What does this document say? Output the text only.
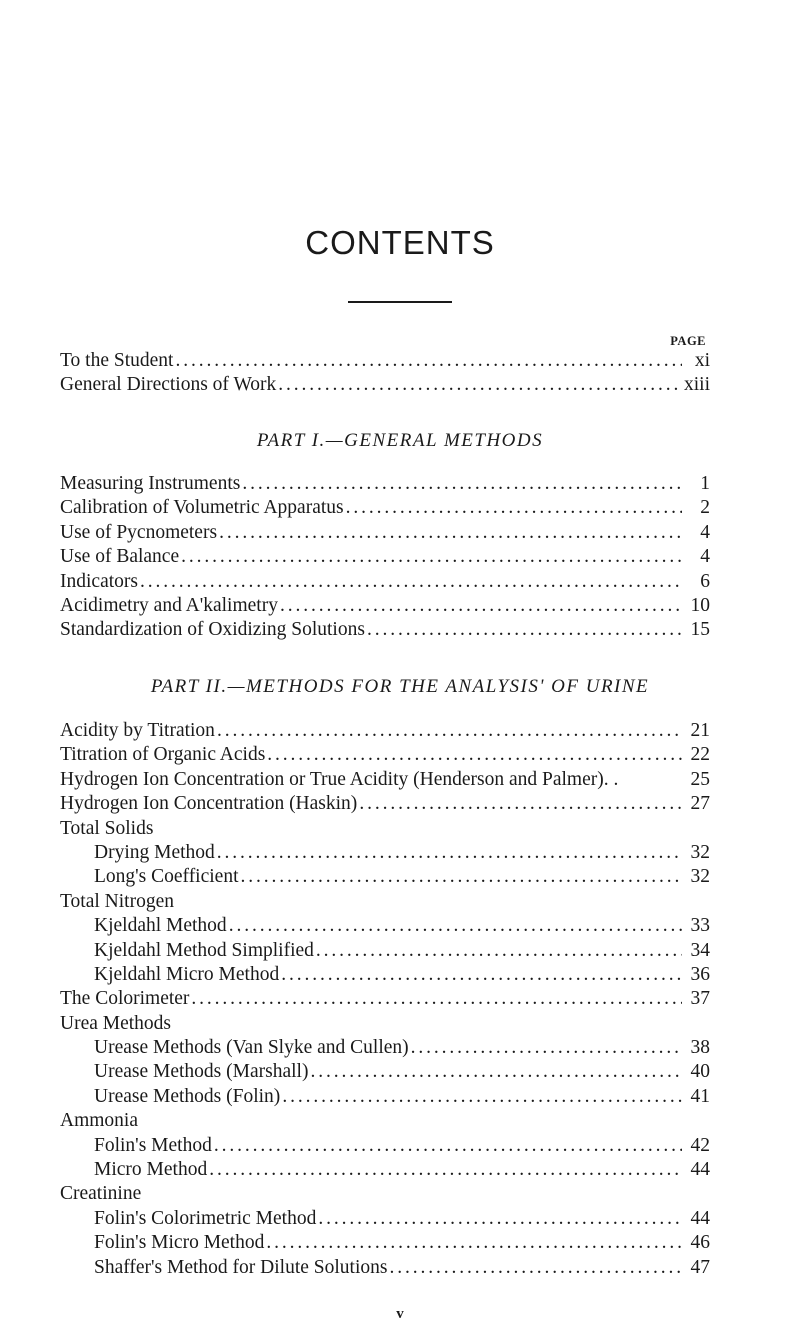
CONTENTS
PAGE
To the Student . . .	xi
General Directions of Work . . .	xiii
PART I.—GENERAL METHODS
Measuring Instruments . . .	1
Calibration of Volumetric Apparatus . . .	2
Use of Pycnometers . . .	4
Use of Balance . . .	4
Indicators . . .	6
Acidimetry and A'kalimetry . . .	10
Standardization of Oxidizing Solutions . . .	15
PART II.—METHODS FOR THE ANALYSIS' OF URINE
Acidity by Titration . . .	21
Titration of Organic Acids . . .	22
Hydrogen Ion Concentration or True Acidity (Henderson and Palmer). .	25
Hydrogen Ion Concentration (Haskin) . . .	27
Total Solids
Drying Method . . .	32
Long's Coefficient . . .	32
Total Nitrogen
Kjeldahl Method . . .	33
Kjeldahl Method Simplified . . .	34
Kjeldahl Micro Method . . .	36
The Colorimeter . . .	37
Urea Methods
Urease Methods (Van Slyke and Cullen) . . .	38
Urease Methods (Marshall) . . .	40
Urease Methods (Folin) . . .	41
Ammonia
Folin's Method . . .	42
Micro Method . . .	44
Creatinine
Folin's Colorimetric Method . . .	44
Folin's Micro Method . . .	46
Shaffer's Method for Dilute Solutions . . .	47
v
